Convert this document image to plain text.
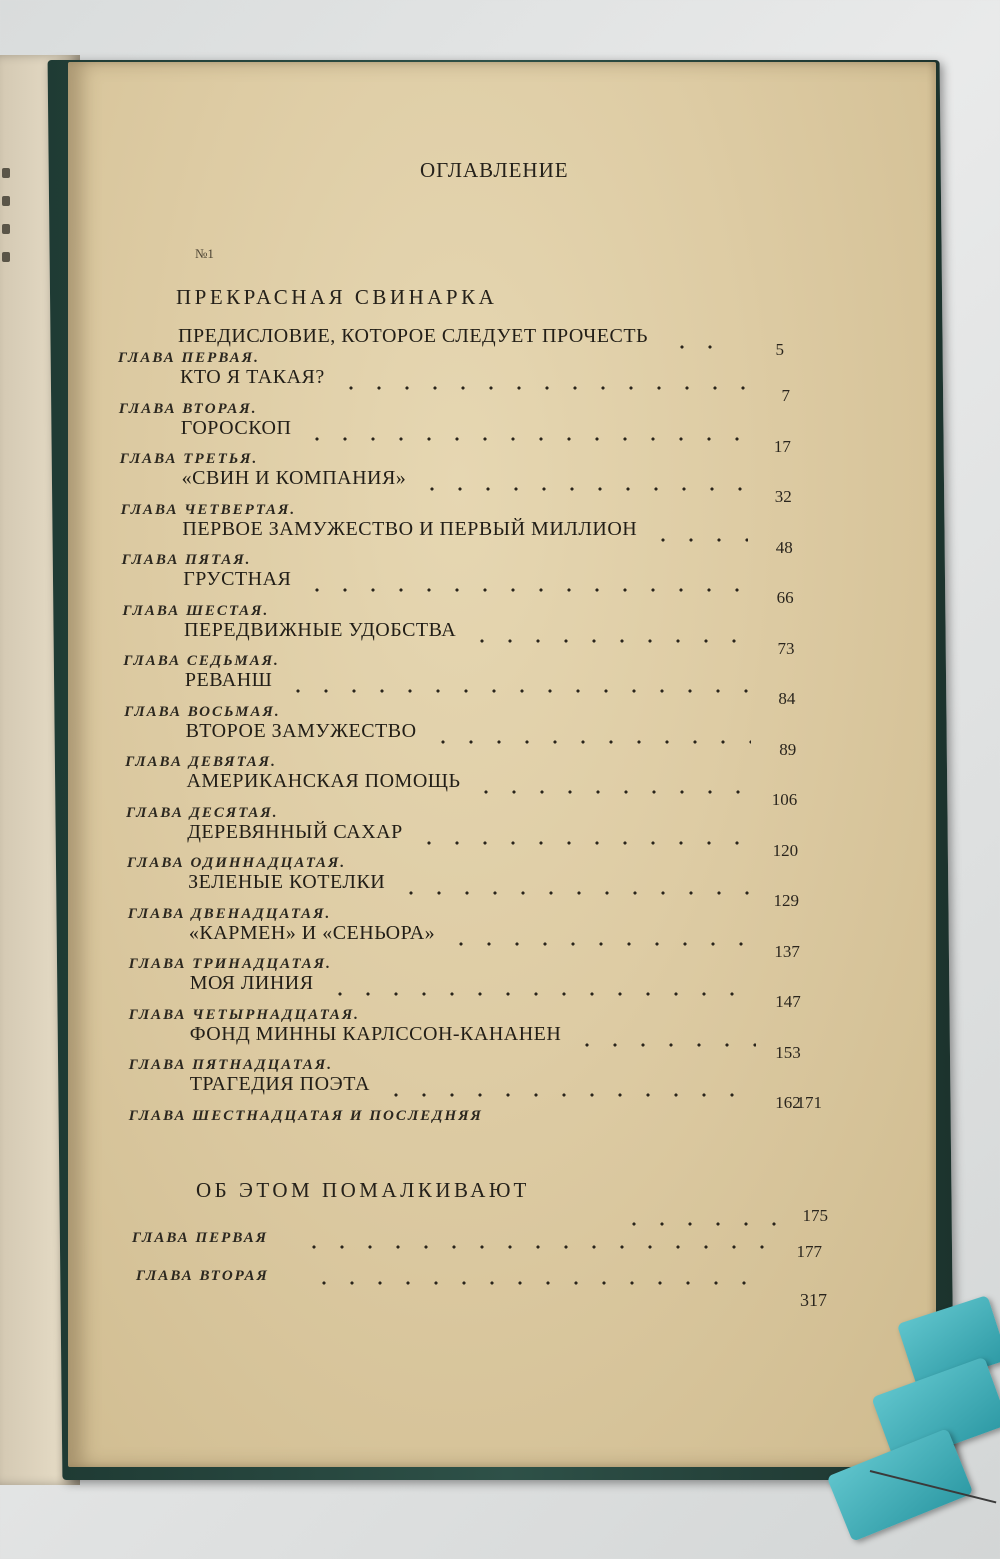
ОГЛАВЛЕНИЕ
№1
ПРЕКРАСНАЯ СВИНАРКА
ПРЕДИСЛОВИЕ, КОТОРОЕ СЛЕДУЕТ ПРОЧЕСТЬ
5
ГЛАВА ПЕРВАЯ.
КТО Я ТАКАЯ?
7
ГЛАВА ВТОРАЯ.
ГОРОСКОП
17
ГЛАВА ТРЕТЬЯ.
«СВИН И КОМПАНИЯ»
32
ГЛАВА ЧЕТВЕРТАЯ.
ПЕРВОЕ ЗАМУЖЕСТВО И ПЕРВЫЙ МИЛЛИОН
48
ГЛАВА ПЯТАЯ.
ГРУСТНАЯ
66
ГЛАВА ШЕСТАЯ.
ПЕРЕДВИЖНЫЕ УДОБСТВА
73
ГЛАВА СЕДЬМАЯ.
РЕВАНШ
84
ГЛАВА ВОСЬМАЯ.
ВТОРОЕ ЗАМУЖЕСТВО
89
ГЛАВА ДЕВЯТАЯ.
АМЕРИКАНСКАЯ ПОМОЩЬ
106
ГЛАВА ДЕСЯТАЯ.
ДЕРЕВЯННЫЙ САХАР
120
ГЛАВА ОДИННАДЦАТАЯ.
ЗЕЛЕНЫЕ КОТЕЛКИ
129
ГЛАВА ДВЕНАДЦАТАЯ.
«КАРМЕН» И «СЕНЬОРА»
137
ГЛАВА ТРИНАДЦАТАЯ.
МОЯ ЛИНИЯ
147
ГЛАВА ЧЕТЫРНАДЦАТАЯ.
ФОНД МИННЫ КАРЛССОН-КАНАНЕН
153
ГЛАВА ПЯТНАДЦАТАЯ.
ТРАГЕДИЯ ПОЭТА
162
ГЛАВА ШЕСТНАДЦАТАЯ И ПОСЛЕДНЯЯ
171
ОБ ЭТОМ ПОМАЛКИВАЮТ
175
ГЛАВА ПЕРВАЯ
177
ГЛАВА ВТОРАЯ
317
